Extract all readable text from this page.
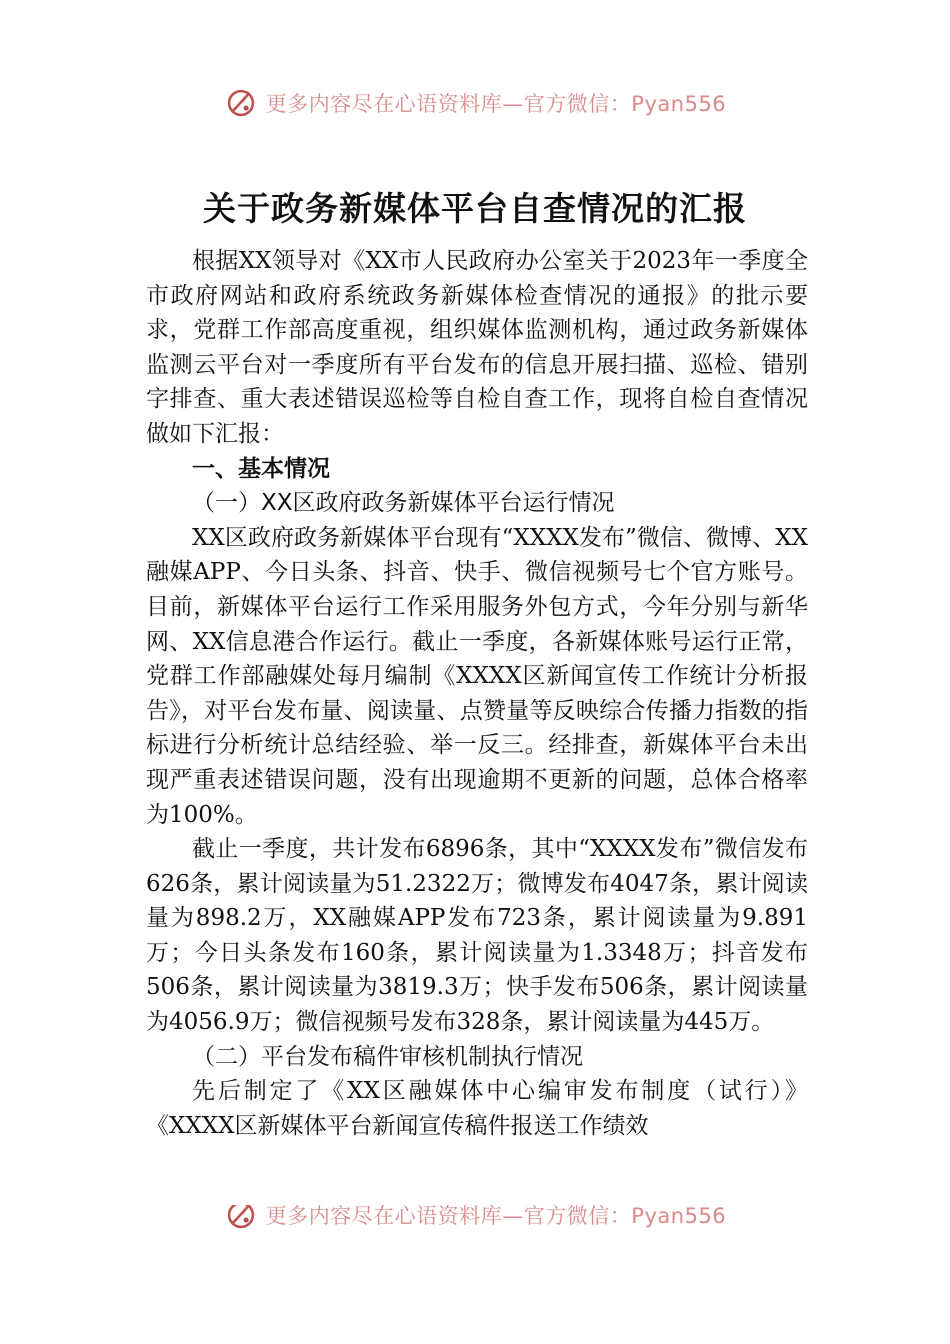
更多内容尽在心语资料库—官方微信：Pyan556
关于政务新媒体平台自查情况的汇报

根据XX领导对《XX市人民政府办公室关于2023年一季度全市政府网站和政府系统政务新媒体检查情况的通报》的批示要求，党群工作部高度重视，组织媒体监测机构，通过政务新媒体监测云平台对一季度所有平台发布的信息开展扫描、巡检、错别字排查、重大表述错误巡检等自检自查工作，现将自检自查情况做如下汇报：

一、基本情况
（一）XX区政府政务新媒体平台运行情况

XX区政府政务新媒体平台现有“XXXX发布”微信、微博、XX融媒APP、今日头条、抖音、快手、微信视频号七个官方账号。目前，新媒体平台运行工作采用服务外包方式，今年分别与新华网、XX信息港合作运行。截止一季度，各新媒体账号运行正常，党群工作部融媒处每月编制《XXXX区新闻宣传工作统计分析报告》，对平台发布量、阅读量、点赞量等反映综合传播力指数的指标进行分析统计总结经验、举一反三。经排查，新媒体平台未出现严重表述错误问题，没有出现逾期不更新的问题，总体合格率为100%。

截止一季度，共计发布6896条，其中“XXXX发布”微信发布626条，累计阅读量为51.2322万；微博发布4047条，累计阅读量为898.2万，XX融媒APP发布723条，累计阅读量为9.891万；今日头条发布160条，累计阅读量为1.3348万；抖音发布506条，累计阅读量为3819.3万；快手发布506条，累计阅读量为4056.9万；微信视频号发布328条，累计阅读量为445万。

（二）平台发布稿件审核机制执行情况

先后制定了《XX区融媒体中心编审发布制度（试行）》《XXXX区新媒体平台新闻宣传稿件报送工作绩效

更多内容尽在心语资料库—官方微信：Pyan556
